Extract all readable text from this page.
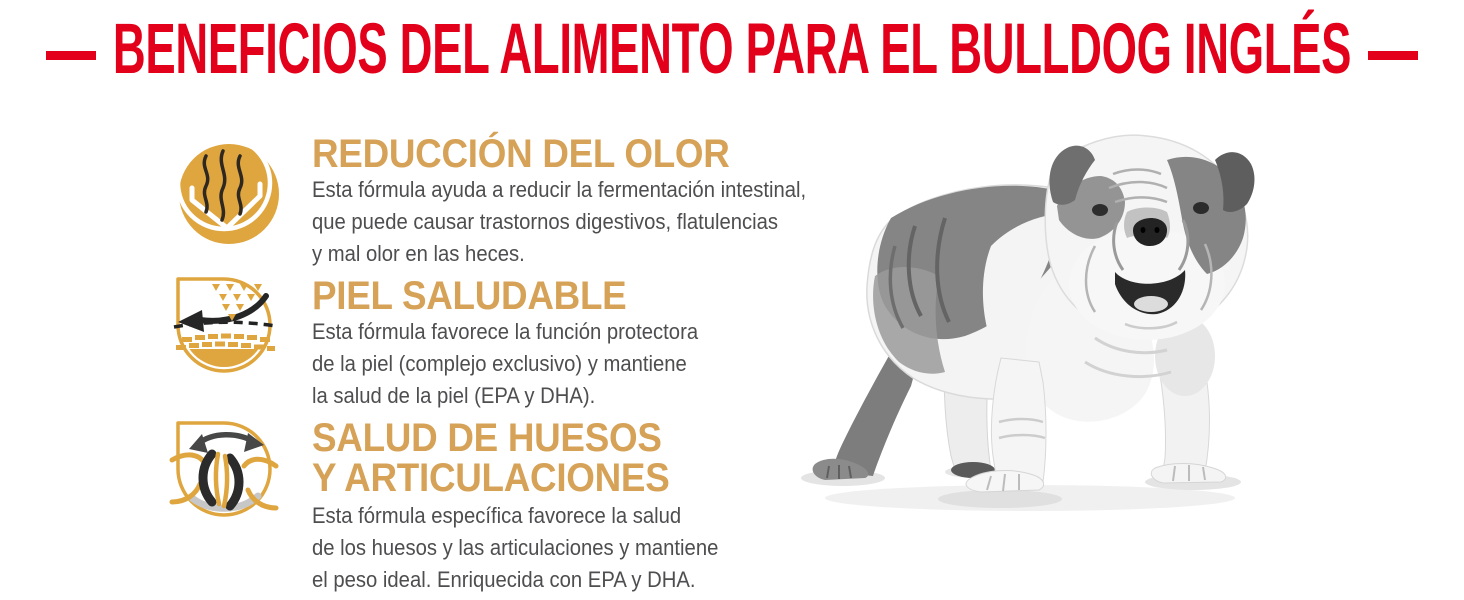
BENEFICIOS DEL ALIMENTO PARA EL BULLDOG INGLÉS
REDUCCIÓN DEL OLOR
Esta fórmula ayuda a reducir la fermentación intestinal,
que puede causar trastornos digestivos, flatulencias
y mal olor en las heces.
PIEL SALUDABLE
Esta fórmula favorece la función protectora
de la piel (complejo exclusivo) y mantiene
la salud de la piel (EPA y DHA).
SALUD DE HUESOS
Y ARTICULACIONES
Esta fórmula específica favorece la salud
de los huesos y las articulaciones y mantiene
el peso ideal. Enriquecida con EPA y DHA.
